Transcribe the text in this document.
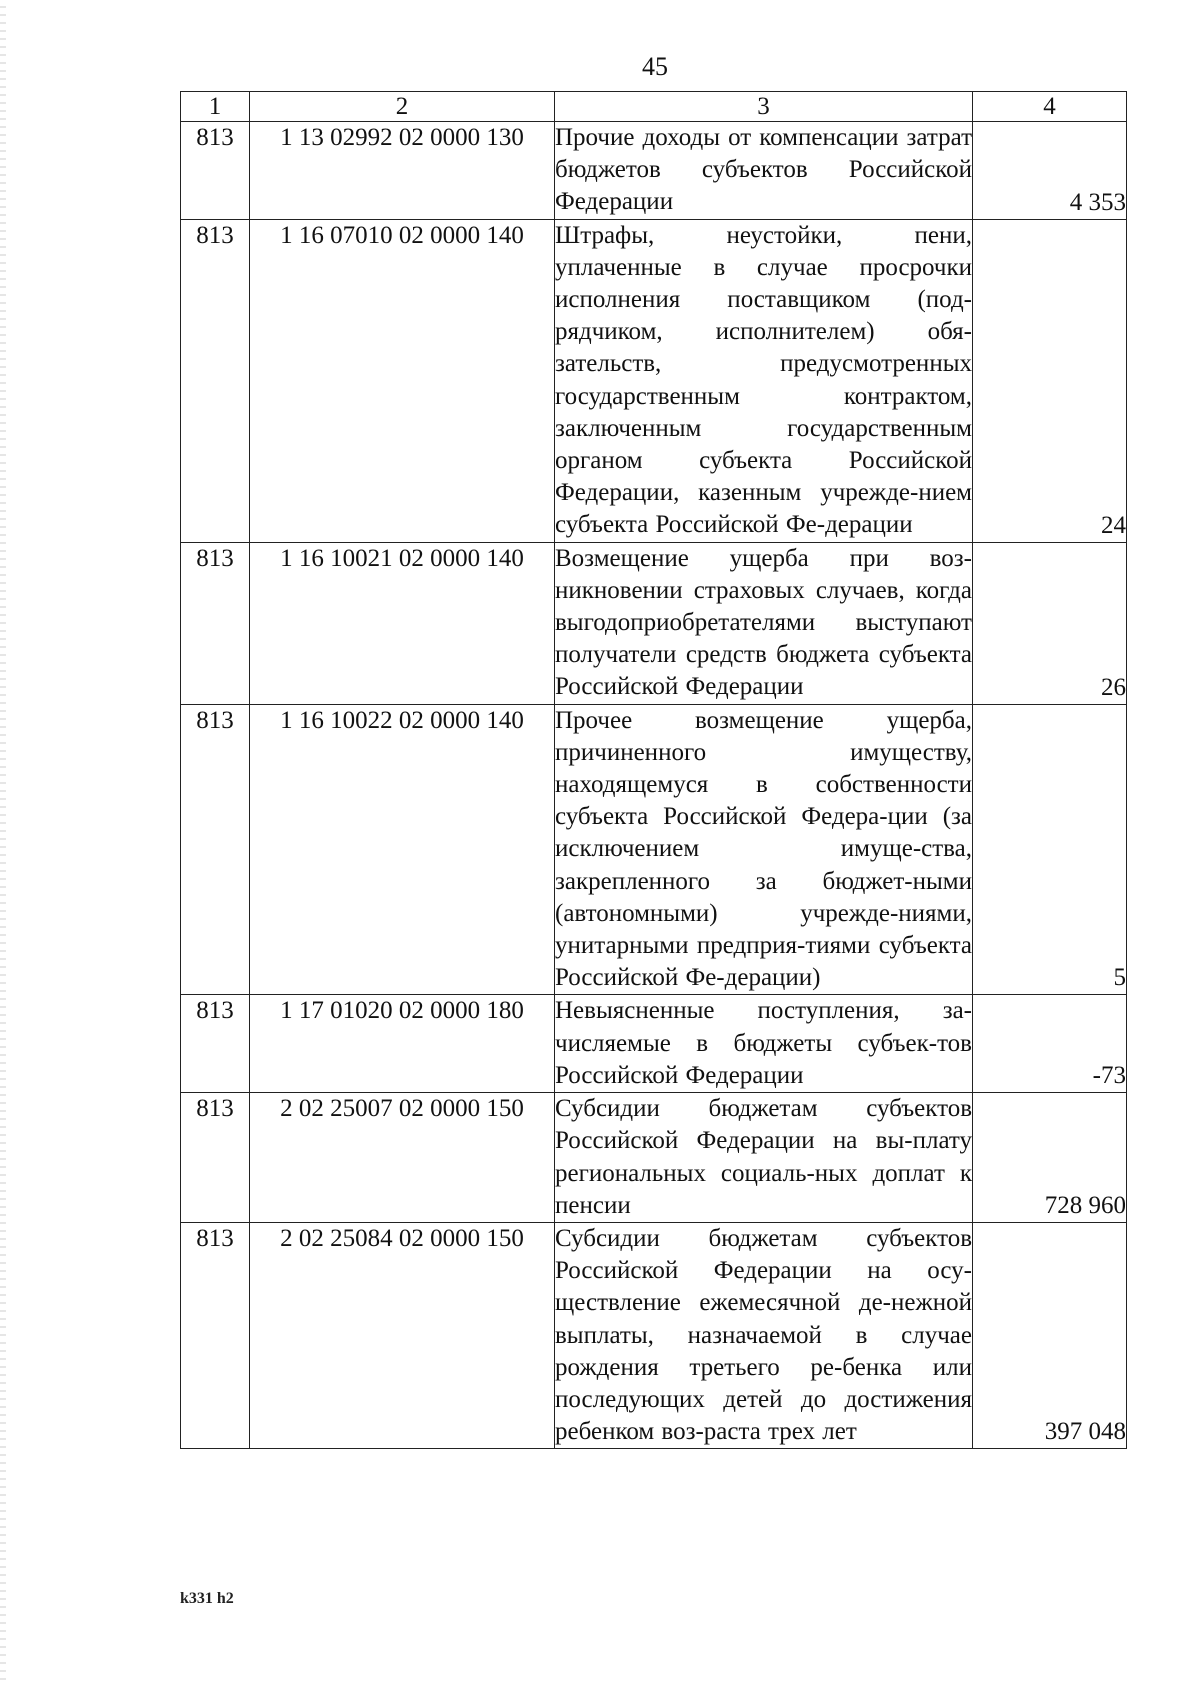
45
1	2	3	4
813	1 13 02992 02 0000 130	Прочие доходы от компенсации затрат бюджетов субъектов Российской Федерации	4 353
813	1 16 07010 02 0000 140	Штрафы, неустойки, пени, уплаченные в случае просрочки исполнения поставщиком (под-рядчиком, исполнителем) обя-зательств, предусмотренных государственным контрактом, заключенным государственным органом субъекта Российской Федерации, казенным учрежде-нием субъекта Российской Фе-дерации	24
813	1 16 10021 02 0000 140	Возмещение ущерба при воз-никновении страховых случаев, когда выгодоприобретателями выступают получатели средств бюджета субъекта Российской Федерации	26
813	1 16 10022 02 0000 140	Прочее возмещение ущерба, причиненного имуществу, находящемуся в собственности субъекта Российской Федера-ции (за исключением имуще-ства, закрепленного за бюджет-ными (автономными) учрежде-ниями, унитарными предприя-тиями субъекта Российской Фе-дерации)	5
813	1 17 01020 02 0000 180	Невыясненные поступления, за-числяемые в бюджеты субъек-тов Российской Федерации	-73
813	2 02 25007 02 0000 150	Субсидии бюджетам субъектов Российской Федерации на вы-плату региональных социаль-ных доплат к пенсии	728 960
813	2 02 25084 02 0000 150	Субсидии бюджетам субъектов Российской Федерации на осу-ществление ежемесячной де-нежной выплаты, назначаемой в случае рождения третьего ре-бенка или последующих детей до достижения ребенком воз-раста трех лет	397 048
k331 h2
